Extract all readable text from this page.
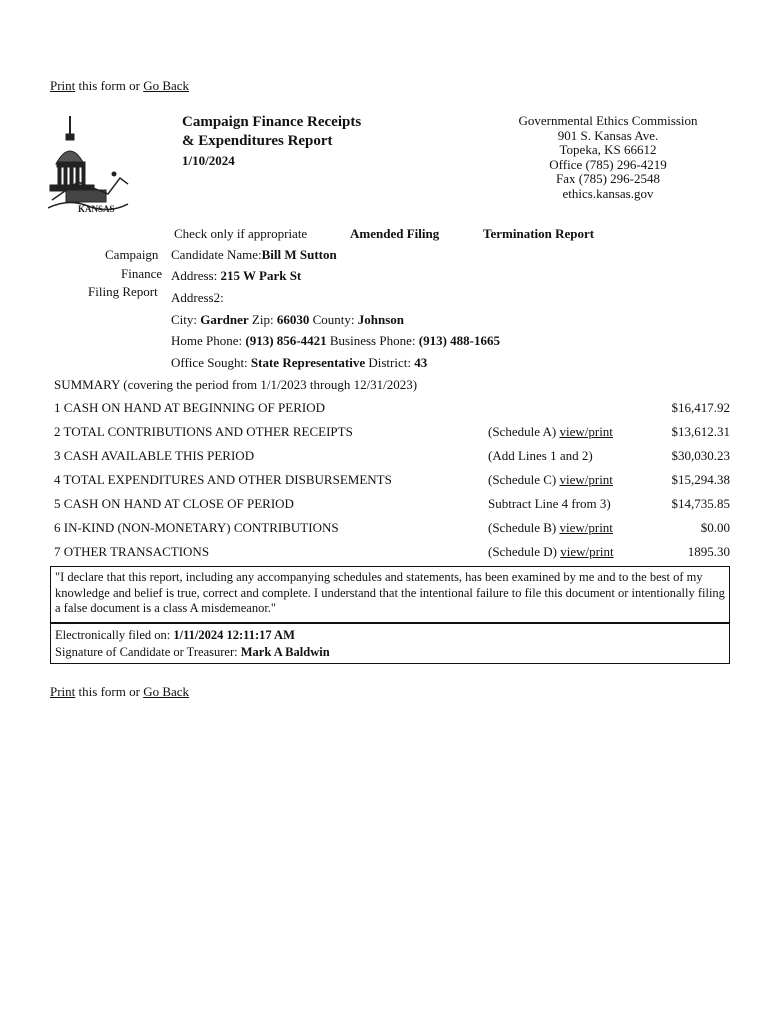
Print this form or Go Back
KANSAS
Campaign Finance Receipts
& Expenditures Report
1/10/2024
Governmental Ethics Commission
901 S. Kansas Ave.
Topeka, KS 66612
Office (785) 296-4219
Fax (785) 296-2548
ethics.kansas.gov
Check only if appropriate	Amended Filing	Termination Report
Campaign
Finance
Filing Report
Candidate Name:Bill M Sutton
Address: 215 W Park St
Address2:
City: Gardner Zip: 66030 County: Johnson
Home Phone: (913) 856-4421 Business Phone: (913) 488-1665
Office Sought: State Representative District: 43
SUMMARY (covering the period from 1/1/2023 through 12/31/2023)
1 CASH ON HAND AT BEGINNING OF PERIOD	$16,417.92
2 TOTAL CONTRIBUTIONS AND OTHER RECEIPTS	(Schedule A) view/print	$13,612.31
3 CASH AVAILABLE THIS PERIOD	(Add Lines 1 and 2)	$30,030.23
4 TOTAL EXPENDITURES AND OTHER DISBURSEMENTS	(Schedule C) view/print	$15,294.38
5 CASH ON HAND AT CLOSE OF PERIOD	Subtract Line 4 from 3)	$14,735.85
6 IN-KIND (NON-MONETARY) CONTRIBUTIONS	(Schedule B) view/print	$0.00
7 OTHER TRANSACTIONS	(Schedule D) view/print	1895.30
"I declare that this report, including any accompanying schedules and statements, has been examined by me and to the best of my knowledge and belief is true, correct and complete. I understand that the intentional failure to file this document or intentionally filing a false document is a class A misdemeanor."
Electronically filed on: 1/11/2024 12:11:17 AM
Signature of Candidate or Treasurer: Mark A Baldwin
Print this form or Go Back
